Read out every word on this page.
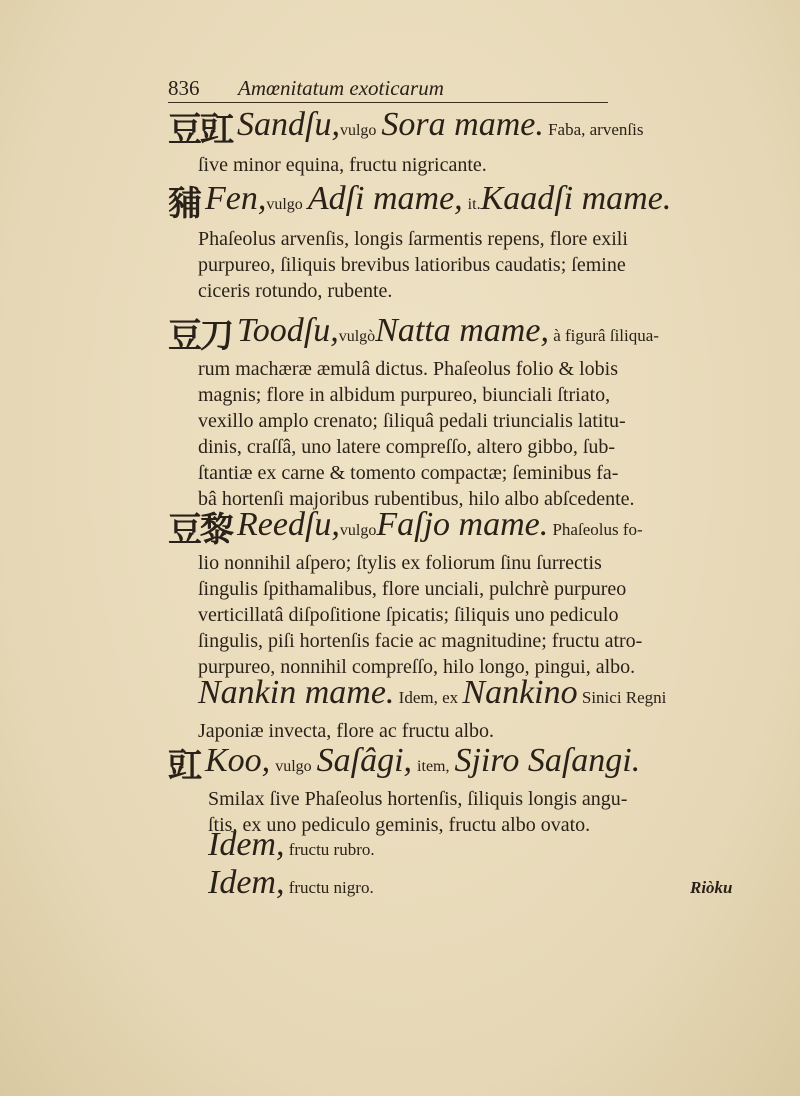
836 Amœnitatum exoticarum
豆豇 Sandſu,vulgo Sora mame. Faba, arvenſis
ſive minor equina, fructu nigricante.
豧 Fen,vulgo Adſi mame, it.Kaadſi mame.
Phaſeolus arvenſis, longis ſarmentis repens, flore exili
purpureo, ſiliquis brevibus latioribus caudatis; ſemine
ciceris rotundo, rubente.
豆刀 Toodſu,vulgòNatta mame, à figurâ ſiliqua-
rum machæræ æmulâ dictus. Phaſeolus folio & lobis
magnis; flore in albidum purpureo, biunciali ſtriato,
vexillo amplo crenato; ſiliquâ pedali triuncialis latitu-
dinis, craſſâ, uno latere compreſſo, altero gibbo, ſub-
ſtantiæ ex carne & tomento compactæ; ſeminibus fa-
bâ hortenſi majoribus rubentibus, hilo albo abſcedente.
豆黎 Reedſu,vulgoFaſjo mame. Phaſeolus fo-
lio nonnihil aſpero; ſtylis ex foliorum ſinu ſurrectis
ſingulis ſpithamalibus, flore unciali, pulchrè purpureo
verticillatâ diſpoſitione ſpicatis; ſiliquis uno pediculo
ſingulis, piſi hortenſis facie ac magnitudine; fructu atro-
purpureo, nonnihil compreſſo, hilo longo, pingui, albo.
Nankin mame. Idem, ex Nankino Sinici Regni
Japoniæ invecta, flore ac fructu albo.
豇 Koo, vulgo Saſâgi, item, Sjiro Saſangi.
Smilax ſive Phaſeolus hortenſis, ſiliquis longis angu-
ſtis, ex uno pediculo geminis, fructu albo ovato.
Idem, fructu rubro.
Idem, fructu nigro.	Riòku
